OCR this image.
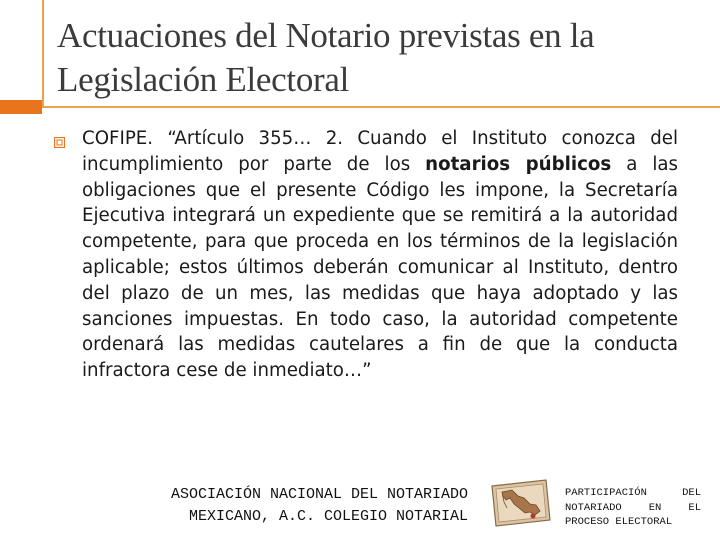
Actuaciones del Notario previstas en la Legislación Electoral

COFIPE. “Artículo 355… 2. Cuando el Instituto conozca del incumplimiento por parte de los notarios públicos a las obligaciones que el presente Código les impone, la Secretaría Ejecutiva integrará un expediente que se remitirá a la autoridad competente, para que proceda en los términos de la legislación aplicable; estos últimos deberán comunicar al Instituto, dentro del plazo de un mes, las medidas que haya adoptado y las sanciones impuestas. En todo caso, la autoridad competente ordenará las medidas cautelares a fin de que la conducta infractora cese de inmediato…”

ASOCIACIÓN NACIONAL DEL NOTARIADO
MEXICANO, A.C. COLEGIO NOTARIAL

PARTICIPACIÓN DEL NOTARIADO EN EL PROCESO ELECTORAL
